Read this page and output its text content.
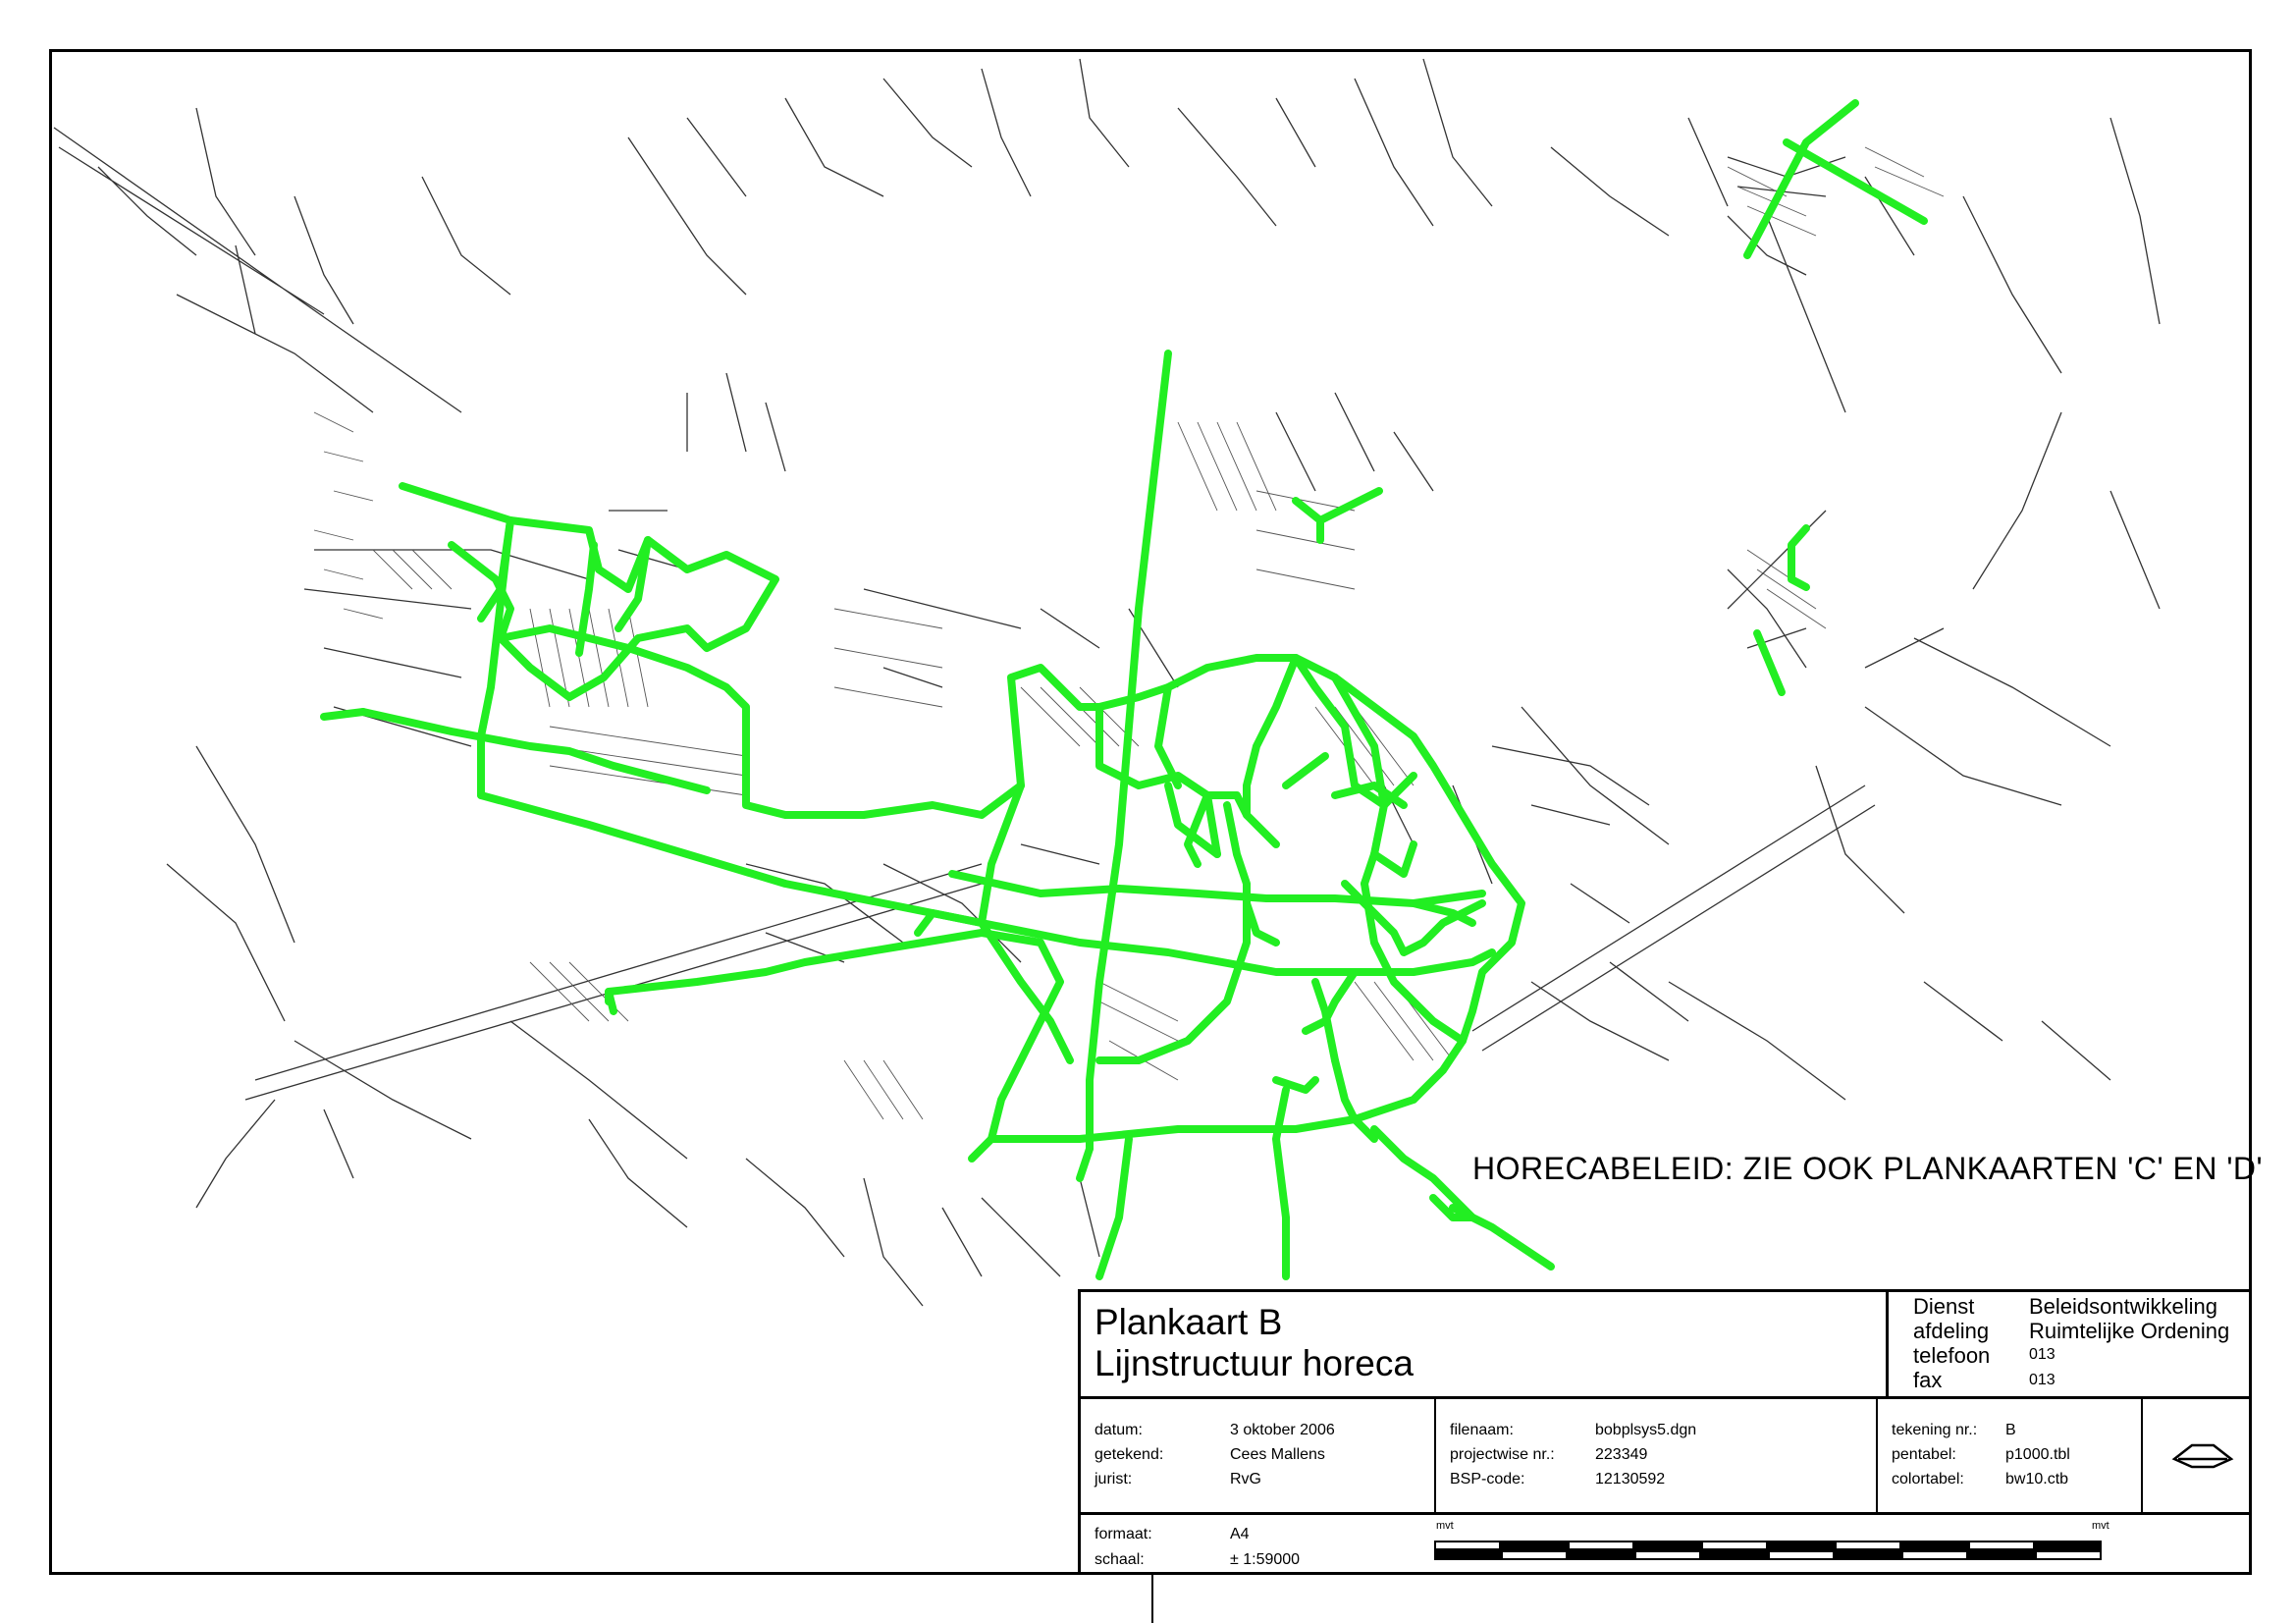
HORECABELEID: ZIE OOK PLANKAARTEN 'C' EN 'D'
Plankaart B
Lijnstructuur horeca
Dienst
afdeling
telefoon
fax
Beleidsontwikkeling
Ruimtelijke Ordening
013
013
datum:
getekend:
jurist:
3 oktober 2006
Cees Mallens
RvG
filenaam:
projectwise nr.:
BSP-code:
bobplsys5.dgn
223349
12130592
tekening nr.:
pentabel:
colortabel:
B
p1000.tbl
bw10.ctb
formaat:
schaal:
A4
± 1:59000
mvt	mvt
